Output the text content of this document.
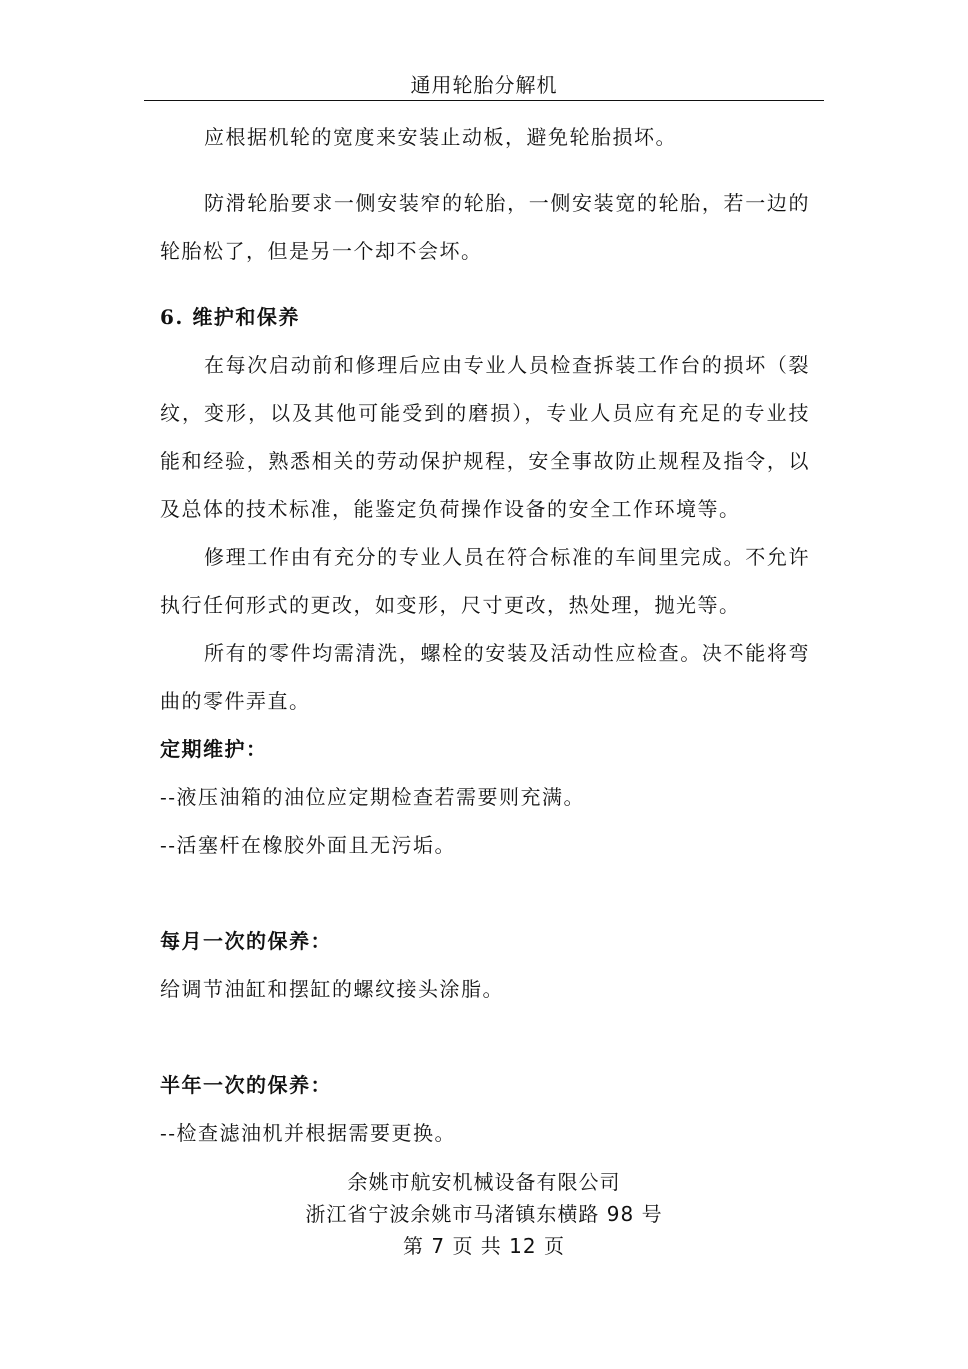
通用轮胎分解机

应根据机轮的宽度来安装止动板，避免轮胎损坏。

防滑轮胎要求一侧安装窄的轮胎，一侧安装宽的轮胎，若一边的轮胎松了，但是另一个却不会坏。

6. 维护和保养

在每次启动前和修理后应由专业人员检查拆装工作台的损坏（裂纹，变形，以及其他可能受到的磨损），专业人员应有充足的专业技能和经验，熟悉相关的劳动保护规程，安全事故防止规程及指令，以及总体的技术标准，能鉴定负荷操作设备的安全工作环境等。

修理工作由有充分的专业人员在符合标准的车间里完成。不允许执行任何形式的更改，如变形，尺寸更改，热处理，抛光等。

所有的零件均需清洗，螺栓的安装及活动性应检查。决不能将弯曲的零件弄直。

定期维护：

--液压油箱的油位应定期检查若需要则充满。

--活塞杆在橡胶外面且无污垢。

每月一次的保养：

给调节油缸和摆缸的螺纹接头涂脂。

半年一次的保养：

--检查滤油机并根据需要更换。

余姚市航安机械设备有限公司
浙江省宁波余姚市马渚镇东横路 98 号
第 7 页 共 12 页
